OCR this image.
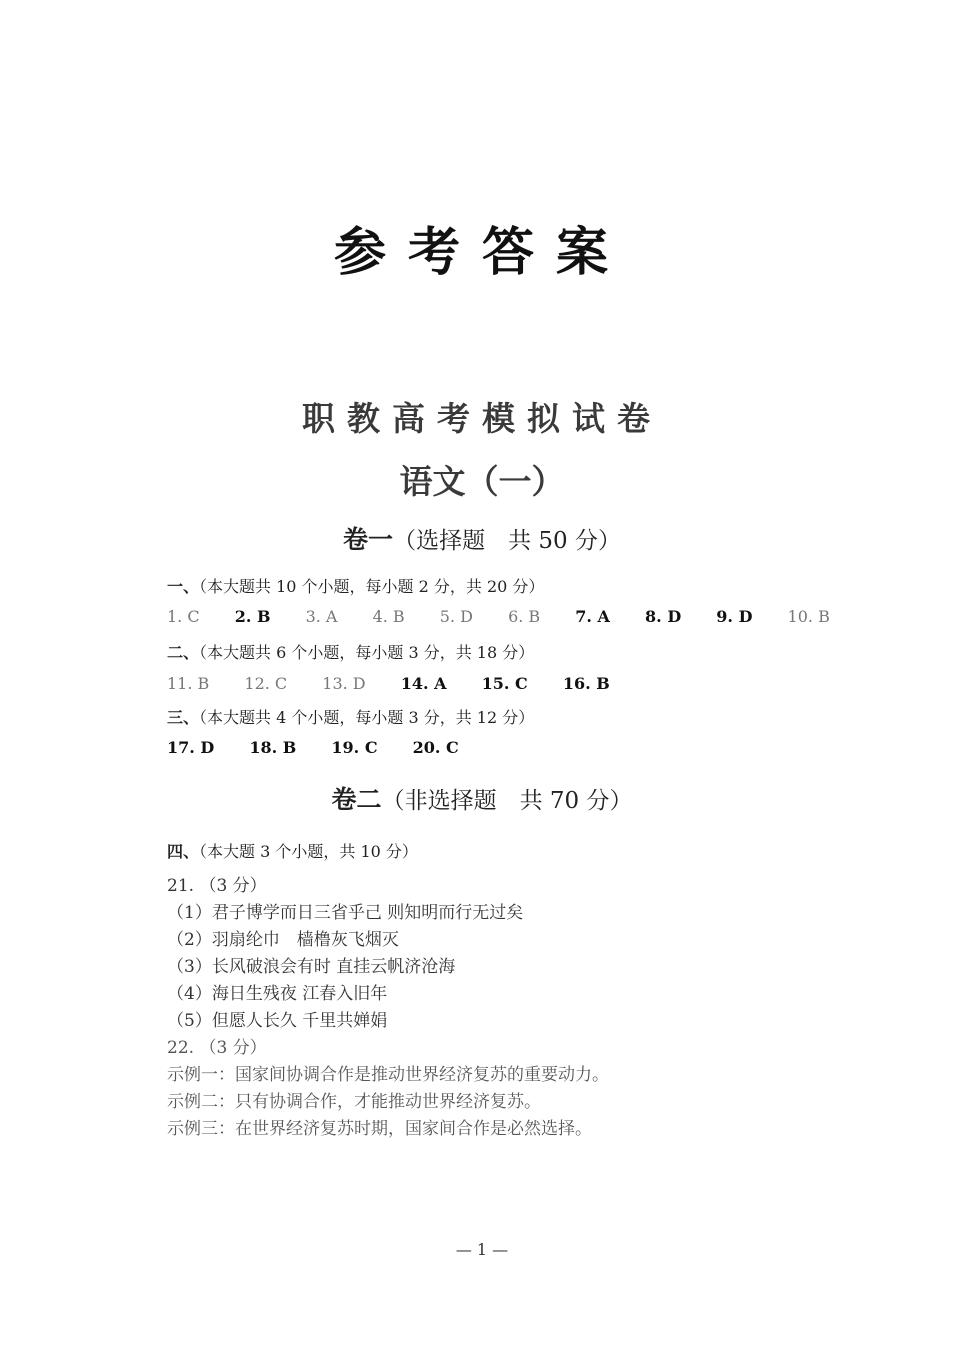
参考答案
职教高考模拟试卷
语文（一）
卷一（选择题　共 50 分）
一、（本大题共 10 个小题，每小题 2 分，共 20 分）
1. C 2. B 3. A 4. B 5. D 6. B 7. A 8. D 9. D 10. B
二、（本大题共 6 个小题，每小题 3 分，共 18 分）
11. B 12. C 13. D 14. A 15. C 16. B
三、（本大题共 4 个小题，每小题 3 分，共 12 分）
17. D 18. B 19. C 20. C
卷二（非选择题　共 70 分）
四、（本大题 3 个小题，共 10 分）
21. （3 分）
（1）君子博学而日三省乎己 则知明而行无过矣
（2）羽扇纶巾　樯橹灰飞烟灭
（3）长风破浪会有时 直挂云帆济沧海
（4）海日生残夜 江春入旧年
（5）但愿人长久 千里共婵娟
22. （3 分）
示例一：国家间协调合作是推动世界经济复苏的重要动力。
示例二：只有协调合作，才能推动世界经济复苏。
示例三：在世界经济复苏时期，国家间合作是必然选择。
— 1 —
